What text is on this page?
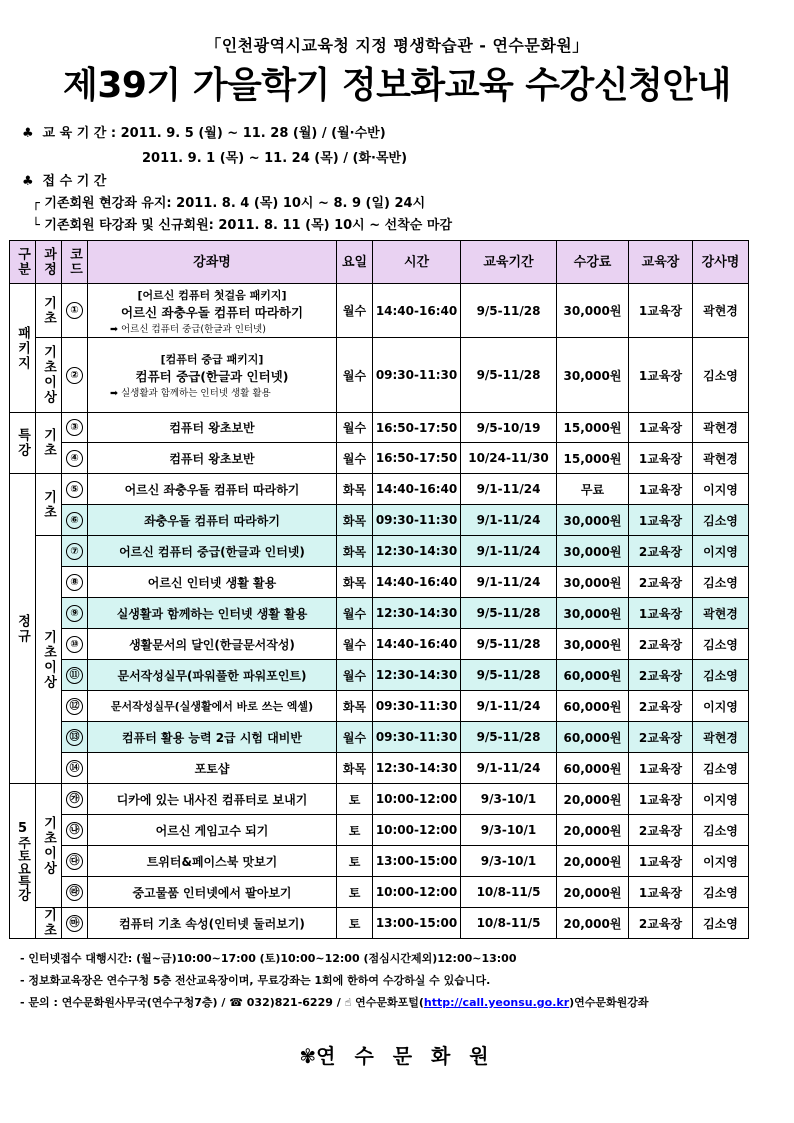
「인천광역시교육청 지정 평생학습관 - 연수문화원」
제39기 가을학기 정보화교육 수강신청안내
♣ 교 육 기 간 : 2011. 9. 5 (월) ~ 11. 28 (월) / (월·수반)
2011. 9. 1 (목) ~ 11. 24 (목) / (화·목반)
♣ 접 수 기 간
┌ 기존회원 현강좌 유지: 2011. 8. 4 (목) 10시 ~ 8. 9 (일) 24시
└ 기존회원 타강좌 및 신규회원: 2011. 8. 11 (목) 10시 ~ 선착순 마감
구분	과정	코드	강좌명	요일	시간	교육기간	수강료	교육장	강사명

패키지	기초	①	[어르신 컴퓨터 첫걸음 패키지]
어르신 좌충우돌 컴퓨터 따라하기
➡ 어르신 컴퓨터 중급(한글과 인터넷)	월수	14:40-16:40	9/5-11/28	30,000원	1교육장	곽현경

	기초이상	②	[컴퓨터 중급 패키지]
컴퓨터 중급(한글과 인터넷)
➡ 실생활과 함께하는 인터넷 생활 활용	월수	09:30-11:30	9/5-11/28	30,000원	1교육장	김소영

특강	기초	③	컴퓨터 왕초보반	월수	16:50-17:50	9/5-10/19	15,000원	1교육장	곽현경
		④	컴퓨터 왕초보반	월수	16:50-17:50	10/24-11/30	15,000원	1교육장	곽현경

정규	기초	⑤	어르신 좌충우돌 컴퓨터 따라하기	화목	14:40-16:40	9/1-11/24	무료	1교육장	이지영
		⑥	좌충우돌 컴퓨터 따라하기	화목	09:30-11:30	9/1-11/24	30,000원	1교육장	김소영

	기초이상	⑦	어르신 컴퓨터 중급(한글과 인터넷)	화목	12:30-14:30	9/1-11/24	30,000원	2교육장	이지영
		⑧	어르신 인터넷 생활 활용	화목	14:40-16:40	9/1-11/24	30,000원	2교육장	김소영
		⑨	실생활과 함께하는 인터넷 생활 활용	월수	12:30-14:30	9/5-11/28	30,000원	1교육장	곽현경
		⑩	생활문서의 달인(한글문서작성)	월수	14:40-16:40	9/5-11/28	30,000원	2교육장	김소영
		⑪	문서작성실무(파워풀한 파워포인트)	월수	12:30-14:30	9/5-11/28	60,000원	2교육장	김소영
		⑫	문서작성실무(실생활에서 바로 쓰는 엑셀)	화목	09:30-11:30	9/1-11/24	60,000원	2교육장	이지영
		⑬	컴퓨터 활용 능력 2급 시험 대비반	월수	09:30-11:30	9/5-11/28	60,000원	2교육장	곽현경
		⑭	포토샵	화목	12:30-14:30	9/1-11/24	60,000원	1교육장	김소영

5주토요특강	기초이상	㉮	디카에 있는 내사진 컴퓨터로 보내기	토	10:00-12:00	9/3-10/1	20,000원	1교육장	이지영
		㉯	어르신 게임고수 되기	토	10:00-12:00	9/3-10/1	20,000원	2교육장	김소영
		㉰	트위터&페이스북 맛보기	토	13:00-15:00	9/3-10/1	20,000원	1교육장	이지영
		㉱	중고물품 인터넷에서 팔아보기	토	10:00-12:00	10/8-11/5	20,000원	1교육장	김소영

	기초	㉲	컴퓨터 기초 속성(인터넷 둘러보기)	토	13:00-15:00	10/8-11/5	20,000원	2교육장	김소영
- 인터넷접수 대행시간: (월~금)10:00~17:00 (토)10:00~12:00 (점심시간제외)12:00~13:00
- 정보화교육장은 연수구청 5층 전산교육장이며, 무료강좌는 1회에 한하여 수강하실 수 있습니다.
- 문의 : 연수문화원사무국(연수구청7층) / ☎ 032)821-6229 / ☝ 연수문화포털(http://call.yeonsu.go.kr)연수문화원강좌
✾연 수 문 화 원
